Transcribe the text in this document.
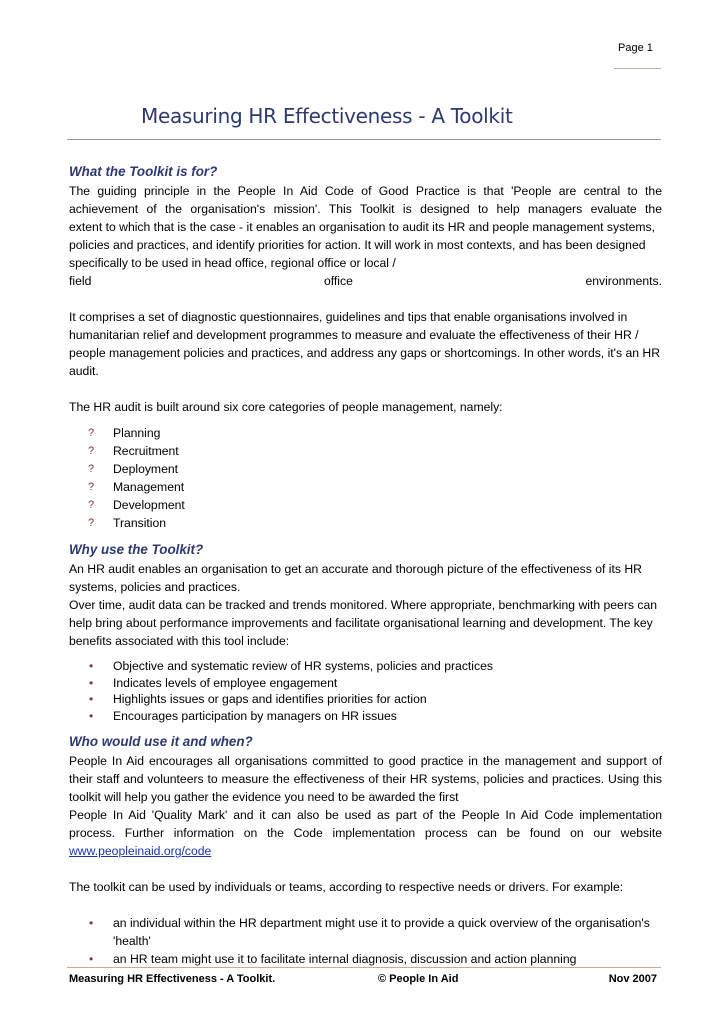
Page 1
Measuring HR Effectiveness - A Toolkit
What the Toolkit is for?

The guiding principle in the People In Aid Code of Good Practice is that 'People are central to the achievement of the organisation's mission'. This Toolkit is designed to help managers evaluate the

extent to which that is the case - it enables an organisation to audit its HR and people management systems, policies and practices, and identify priorities for action. It will work in most contexts, and has been designed specifically to be used in head office, regional office or local /

field office environments.

It comprises a set of diagnostic questionnaires, guidelines and tips that enable organisations involved in humanitarian relief and development programmes to measure and evaluate the effectiveness of their HR / people management policies and practices, and address any gaps or shortcomings. In other words, it's an HR audit.

The HR audit is built around six core categories of people management, namely:

? Planning
? Recruitment
? Deployment
? Management
? Development
? Transition
Why use the Toolkit?

An HR audit enables an organisation to get an accurate and thorough picture of the effectiveness of its HR systems, policies and practices.

Over time, audit data can be tracked and trends monitored. Where appropriate, benchmarking with peers can help bring about performance improvements and facilitate organisational learning and development. The key benefits associated with this tool include:

• Objective and systematic review of HR systems, policies and practices
• Indicates levels of employee engagement
• Highlights issues or gaps and identifies priorities for action
• Encourages participation by managers on HR issues
Who would use it and when?

People In Aid encourages all organisations committed to good practice in the management and support of their staff and volunteers to measure the effectiveness of their HR systems, policies and practices. Using this toolkit will help you gather the evidence you need to be awarded the first

People In Aid 'Quality Mark' and it can also be used as part of the People In Aid Code implementation process. Further information on the Code implementation process can be found on our website www.peopleinaid.org/code

The toolkit can be used by individuals or teams, according to respective needs or drivers. For example:

• an individual within the HR department might use it to provide a quick overview of the organisation's 'health'
• an HR team might use it to facilitate internal diagnosis, discussion and action planning
Measuring HR Effectiveness - A Toolkit.	© People In Aid	Nov 2007
